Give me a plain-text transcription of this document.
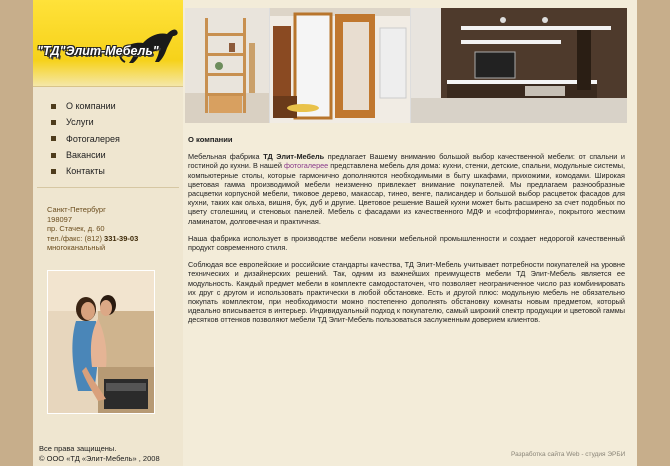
"ТД"Элит-Мебель"
О компании
Услуги
Фотогалерея
Вакансии
Контакты
Санкт-Петербург
198097
пр. Стачек, д. 60
тел./факс: (812) 331-39-03
многоканальный
Все права защищены.
© ООО «ТД «Элит-Мебель» , 2008
О компании

Мебельная фабрика ТД Элит-Мебель предлагает Вашему вниманию большой выбор качественной мебели: от спальни и гостиной до кухни. В нашей фотогалерее представлена мебель для дома: кухни, стенки, детские, спальни, модульные системы, компьютерные столы, которые гармонично дополняются необходимыми в быту шкафами, прихожими, комодами. Широкая цветовая гамма производимой мебели неизменно привлекает внимание покупателей. Мы предлагаем разнообразные расцветки корпусной мебели, тиковое дерево, макассар, тинео, венге, палисандер и большой выбор расцветок фасадов для кухни, таких как ольха, вишня, бук, дуб и другие. Цветовое решение Вашей кухни может быть расширено за счет подобных по цвету столешниц и стеновых панелей. Мебель с фасадами из качественного МДФ и «софтформинга», покрытого жестким ламинатом, долговечная и практичная.

Наша фабрика использует в производстве мебели новинки мебельной промышленности и создает недорогой качественный продукт современного стиля.

Соблюдая все европейские и российские стандарты качества, ТД Элит-Мебель учитывает потребности покупателей на уровне технических и дизайнерских решений. Так, одним из важнейших преимуществ мебели ТД Элит-Мебель является ее модульность. Каждый предмет мебели в комплекте самодостаточен, что позволяет неограниченное число раз комбинировать их друг с другом и использовать практически в любой обстановке. Есть и другой плюс: модульную мебель не обязательно покупать комплектом, при необходимости можно постепенно дополнять обстановку комнаты новым предметом, который идеально вписывается в интерьер. Индивидуальный подход к покупателю, самый широкий спектр продукции и цветовой гаммы десятков оттенков позволяют мебели ТД Элит-Мебель пользоваться заслуженным доверием клиентов.

Разработка сайта Web - студия ЭРБИ
